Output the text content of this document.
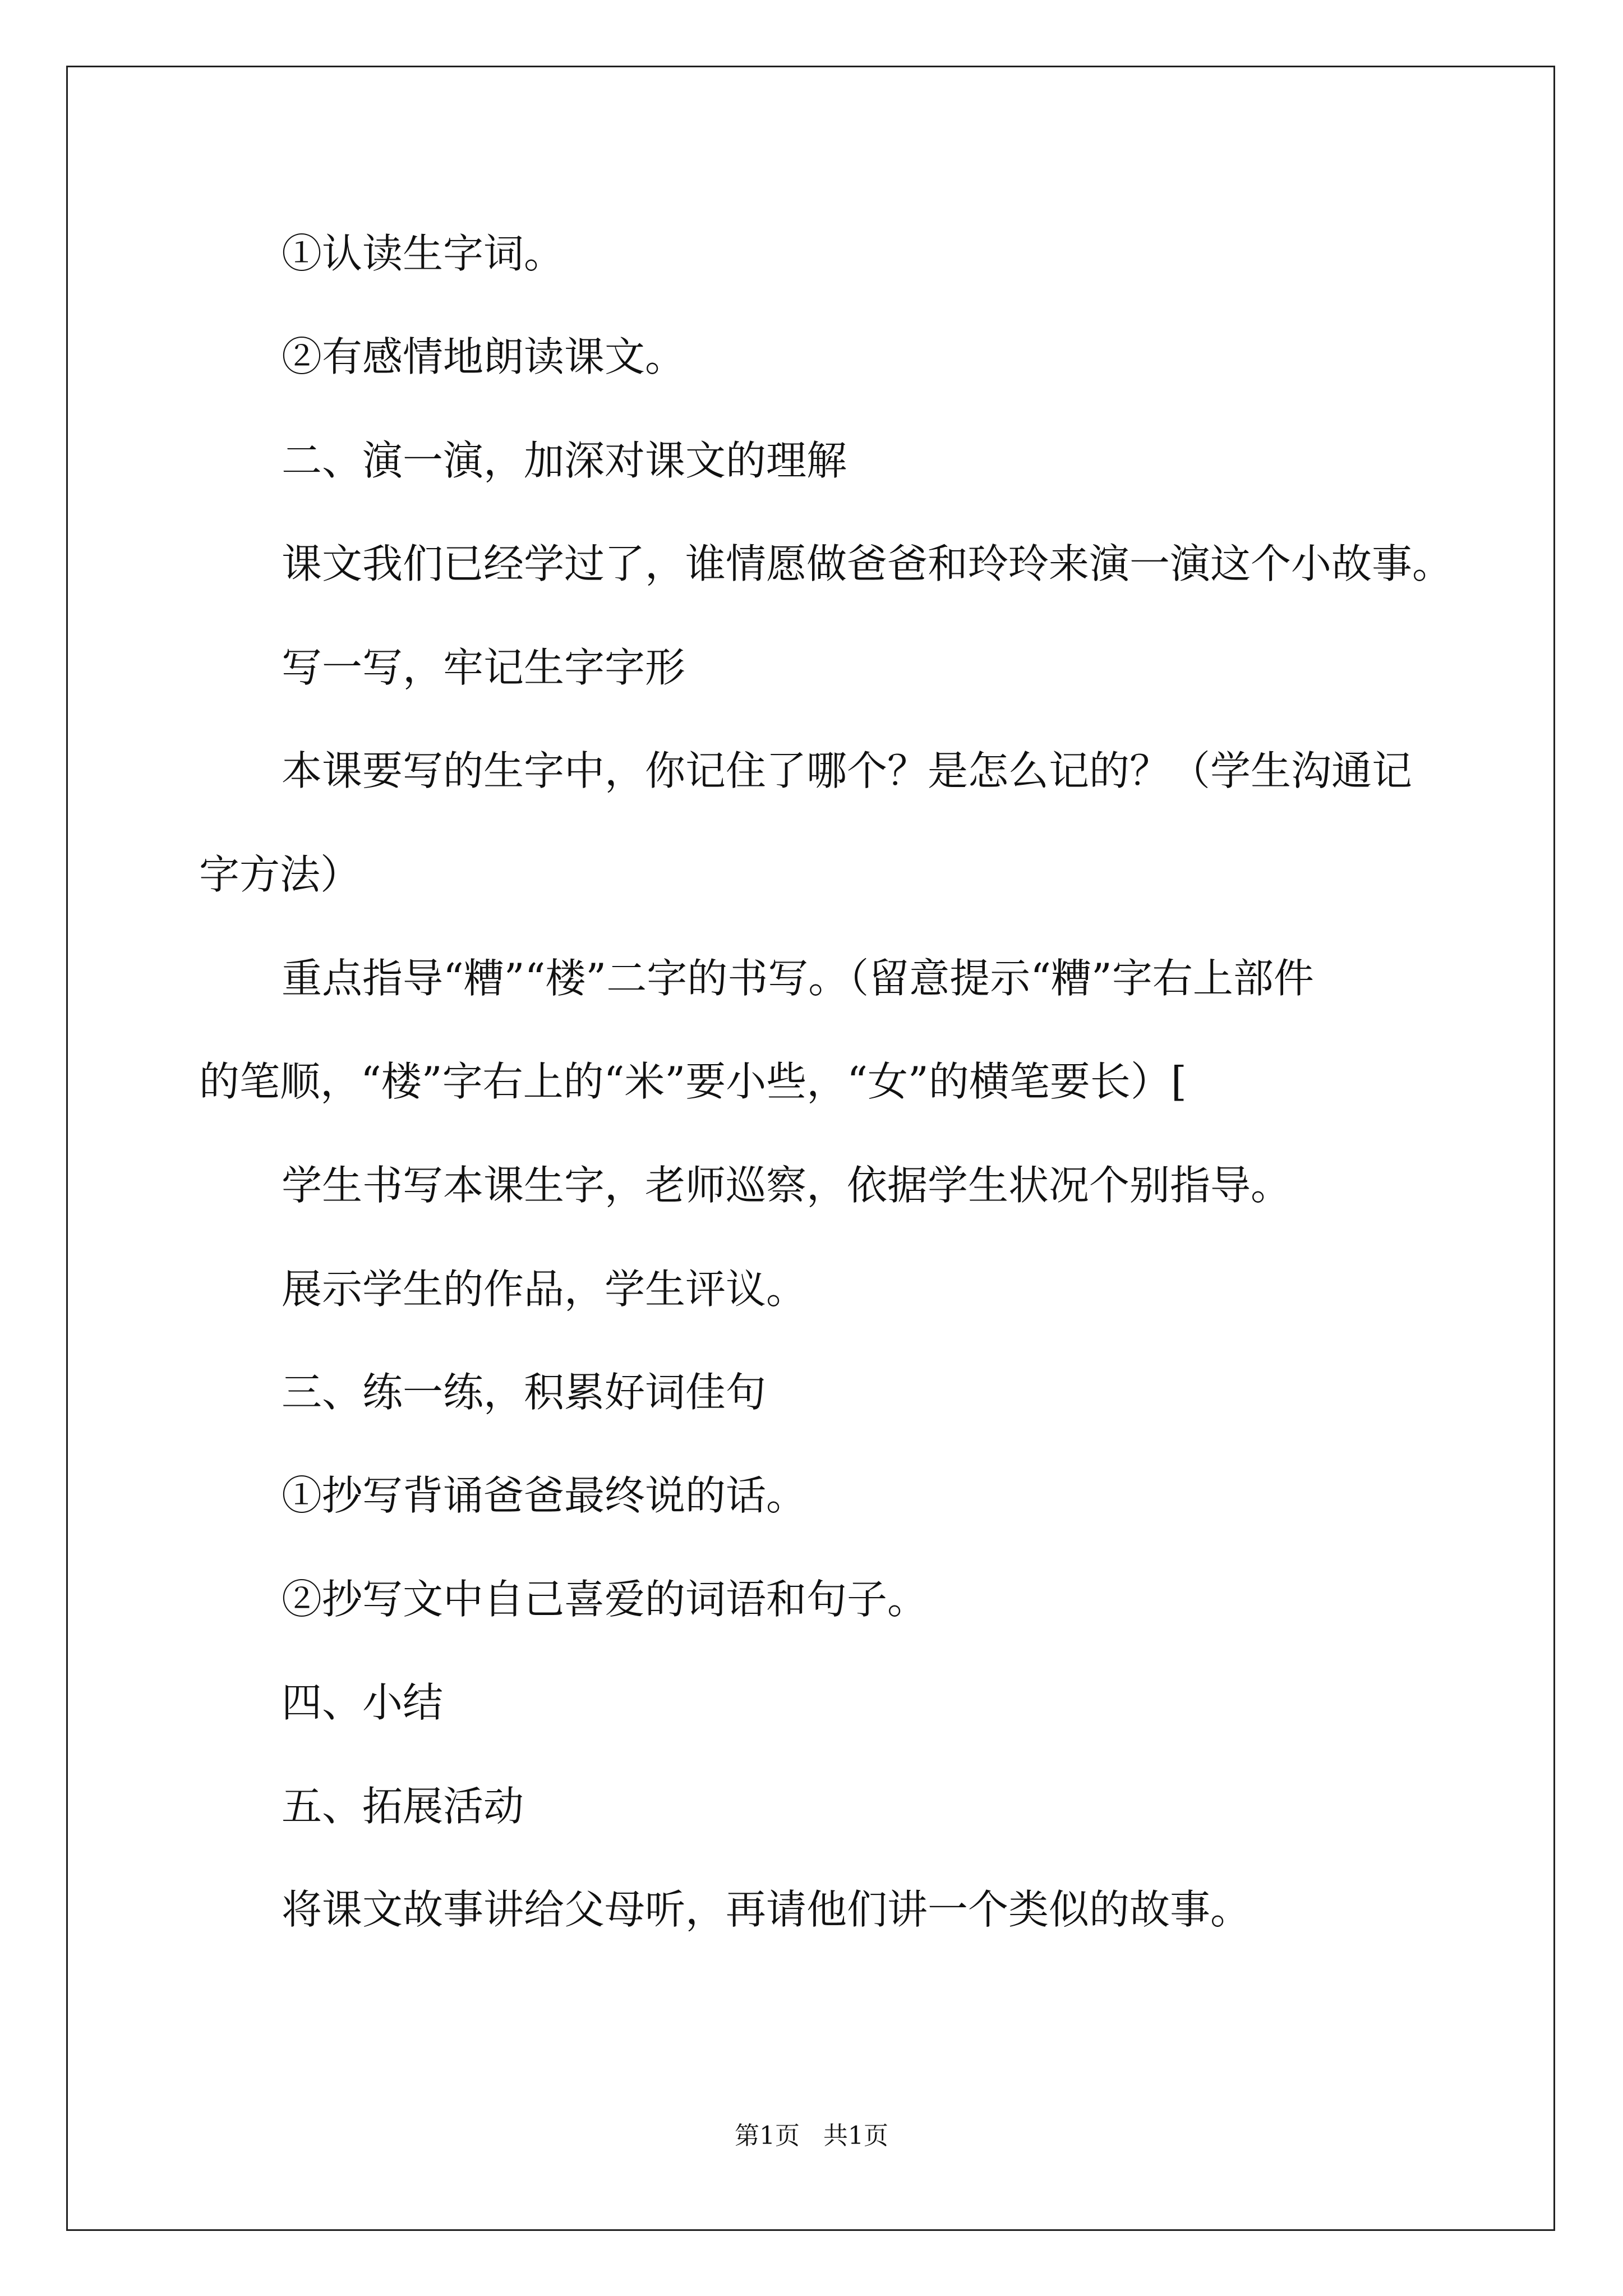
①认读生字词。

②有感情地朗读课文。

二、演一演，加深对课文的理解

课文我们已经学过了，谁情愿做爸爸和玲玲来演一演这个小故事。

写一写，牢记生字字形

本课要写的生字中，你记住了哪个？是怎么记的？（学生沟通记

字方法）

重点指导“糟”“楼”二字的书写。（留意提示“糟”字右上部件

的笔顺，“楼”字右上的“米”要小些，“女”的横笔要长）[

学生书写本课生字，老师巡察，依据学生状况个别指导。

展示学生的作品，学生评议。

三、练一练，积累好词佳句

①抄写背诵爸爸最终说的话。

②抄写文中自己喜爱的词语和句子。

四、小结

五、拓展活动

将课文故事讲给父母听，再请他们讲一个类似的故事。

第1页   共1页
